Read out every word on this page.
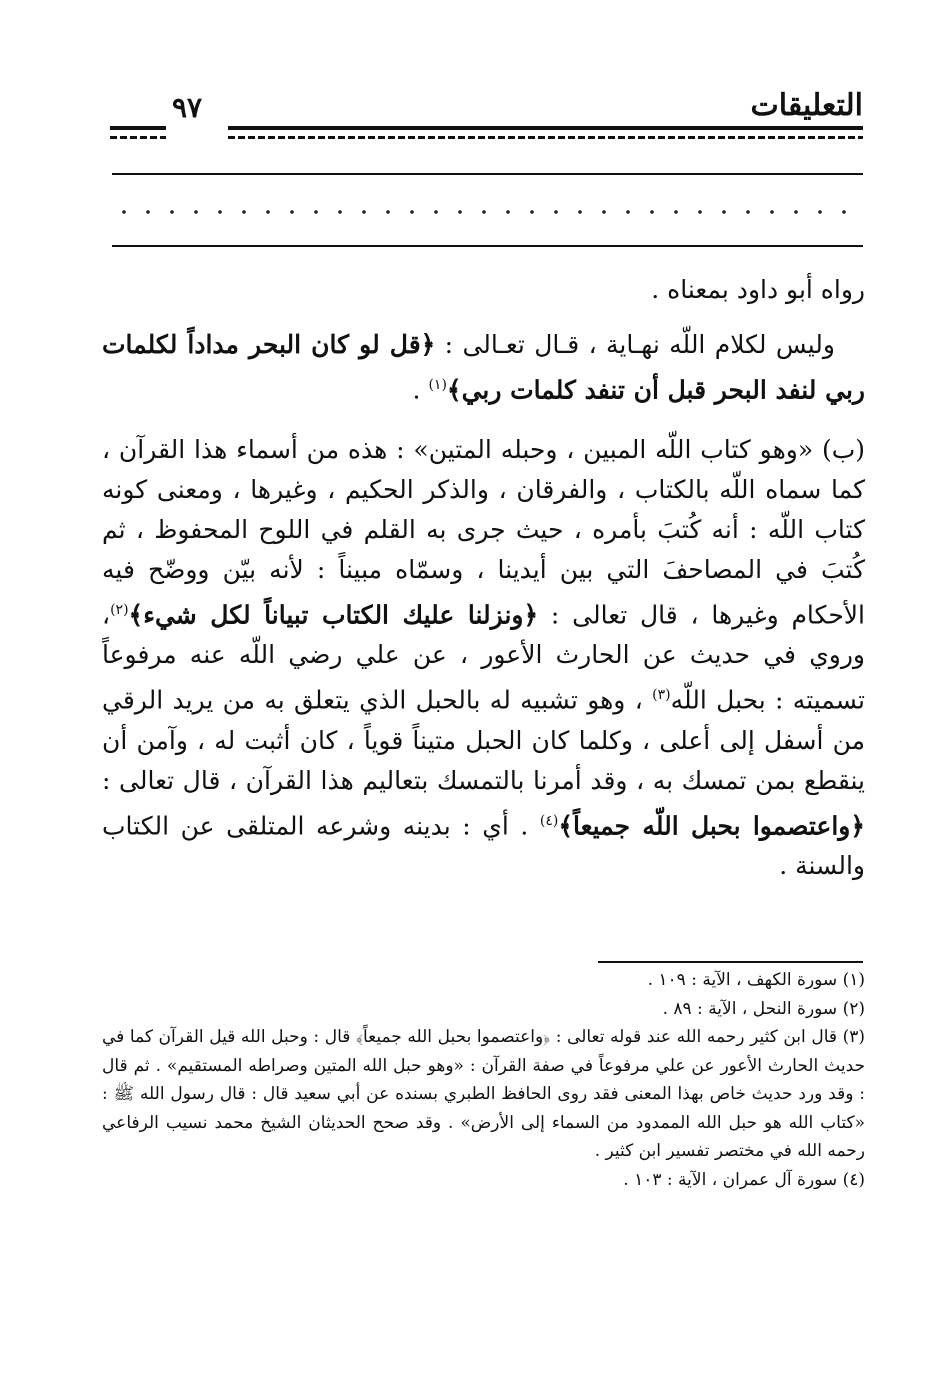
التعليقات
٩٧
رواه أبو داود بمعناه .
وليس لكلام اللّه نهـاية ، قـال تعـالى : ﴿قل لو كان البحر مداداً لكلمات ربي لنفد البحر قبل أن تنفد كلمات ربي﴾$^{(١)}$ .
(ب) «وهو كتاب اللّه المبين ، وحبله المتين» : هذه من أسماء هذا القرآن ، كما سماه اللّه بالكتاب ، والفرقان ، والذكر الحكيم ، وغيرها ، ومعنى كونه كتاب اللّه : أنه كُتبَ بأمره ، حيث جرى به القلم في اللوح المحفوظ ، ثم كُتبَ في المصاحفَ التي بين أيدينا ، وسمّاه مبيناً : لأنه بيّن ووضّح فيه الأحكام وغيرها ، قال تعالى : ﴿ونزلنا عليك الكتاب تبياناً لكل شيء﴾$^{(٢)}$، وروي في حديث عن الحارث الأعور ، عن علي رضي اللّه عنه مرفوعاً تسميته : بحبل اللّه$^{(٣)}$ ، وهو تشبيه له بالحبل الذي يتعلق به من يريد الرقي من أسفل إلى أعلى ، وكلما كان الحبل متيناً قوياً ، كان أثبت له ، وآمن أن ينقطع بمن تمسك به ، وقد أمرنا بالتمسك بتعاليم هذا القرآن ، قال تعالى : ﴿واعتصموا بحبل اللّه جميعاً﴾$^{(٤)}$ . أي : بدينه وشرعه المتلقى عن الكتاب والسنة .
(١) سورة الكهف ، الآية : ١٠٩ .
(٢) سورة النحل ، الآية : ٨٩ .
(٣) قال ابن كثير رحمه الله عند قوله تعالى : ﴿واعتصموا بحبل الله جميعاً﴾ قال : وحبل الله قيل القرآن كما في حديث الحارث الأعور عن علي مرفوعاً في صفة القرآن : «وهو حبل الله المتين وصراطه المستقيم» . ثم قال : وقد ورد حديث خاص بهذا المعنى فقد روى الحافظ الطبري بسنده عن أبي سعيد قال : قال رسول الله ﷺ : «كتاب الله هو حبل الله الممدود من السماء إلى الأرض» . وقد صحح الحديثان الشيخ محمد نسيب الرفاعي رحمه الله في مختصر تفسير ابن كثير .
(٤) سورة آل عمران ، الآية : ١٠٣ .
